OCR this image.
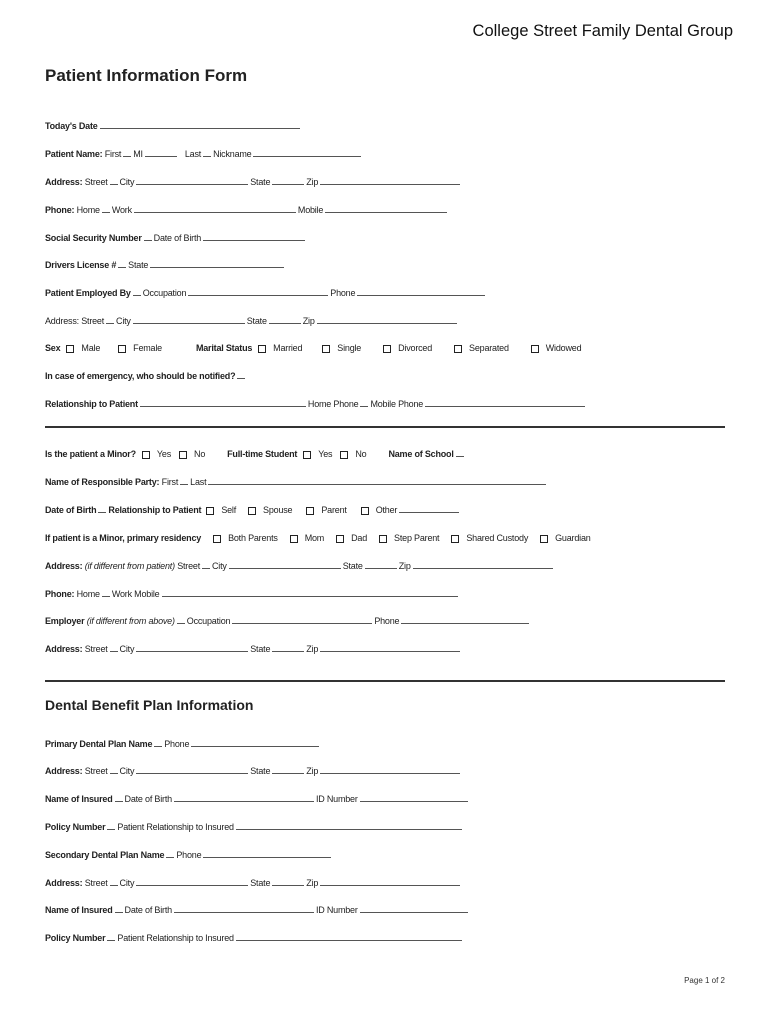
College Street Family Dental Group
Patient Information Form
Today's Date
Patient Name: First MI	Last Nickname
Address: Street City	State	Zip
Phone: Home Work	Mobile
Social Security Number Date of Birth
Drivers License # State
Patient Employed By Occupation	Phone
Address: Street City	State	Zip
Sex Male	Female	Marital Status Married	Single	Divorced	Separated	Widowed
In case of emergency, who should be notified?
Relationship to Patient	Home Phone Mobile Phone
Is the patient a Minor? Yes	No Full-time Student Yes	No Name of School
Name of Responsible Party: First Last
Date of Birth Relationship to Patient Self	Spouse	Parent	Other
If patient is a Minor, primary residency	Both Parents	Mom	Dad	Step Parent	Shared Custody	Guardian
Address: (if different from patient) Street City	State	Zip
Phone: Home Work Mobile
Employer (if different from above) Occupation	Phone
Address: Street City	State	Zip
Dental Benefit Plan Information
Primary Dental Plan Name Phone
Address: Street City	State	Zip
Name of Insured Date of Birth	ID Number
Policy Number Patient Relationship to Insured
Secondary Dental Plan Name Phone
Address: Street City	State	Zip
Name of Insured Date of Birth	ID Number
Policy Number Patient Relationship to Insured
Page 1 of 2
